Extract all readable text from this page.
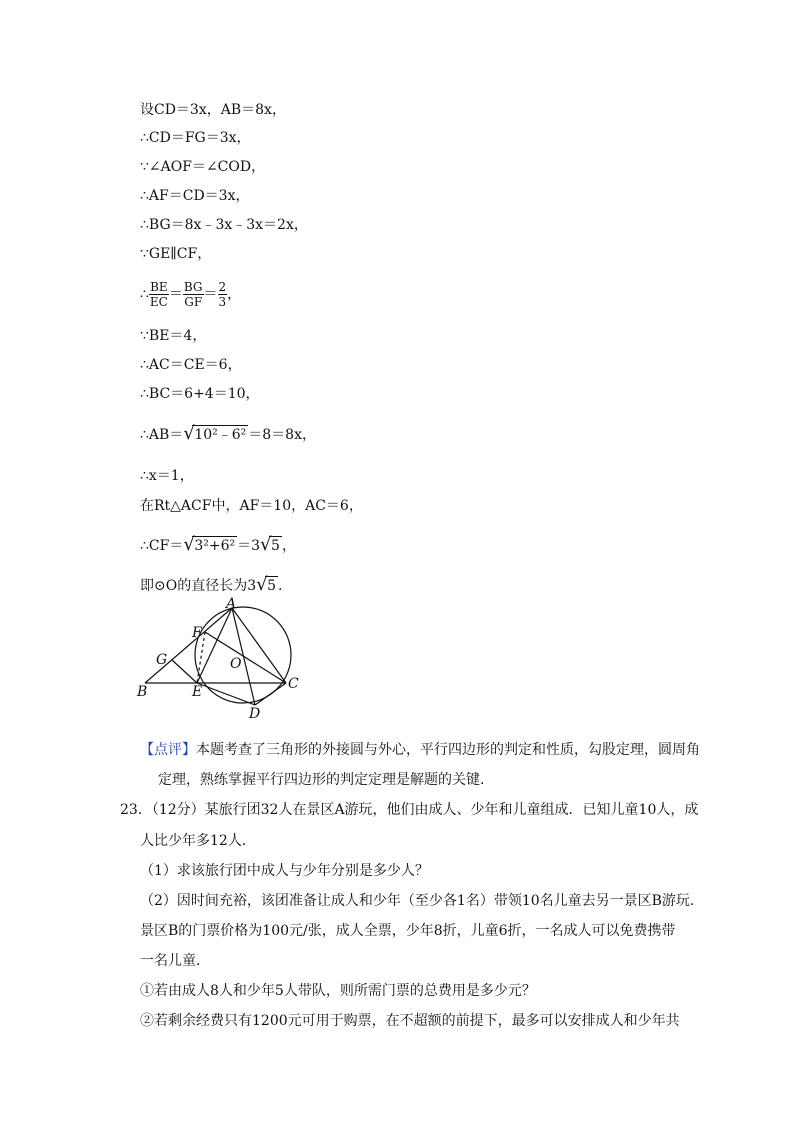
设CD＝3x，AB＝8x，
∴CD＝FG＝3x，
∵∠AOF＝∠COD，
∴AF＝CD＝3x，
∴BG＝8x﹣3x﹣3x＝2x，
∵GE∥CF，
∴ $\frac{BE}{EC} = \frac{BG}{GF} = \frac{2}{3}$ ，
∵BE＝4，
∴AC＝CE＝6，
∴BC＝6+4＝10，
∴AB＝ √ 10²﹣6² ＝8＝8x，
∴x＝1，
在Rt△ACF中，AF＝10，AC＝6，
∴CF＝ √ 3²+6² ＝3 √ 5 ，
即⊙O的直径长为3 √ 5 .
A
F
G	O
B	E	C
D
【点评】本题考查了三角形的外接圆与外心，平行四边形的判定和性质，勾股定理，圆周角
定理，熟练掌握平行四边形的判定定理是解题的关键.
23．（12分）某旅行团32人在景区A游玩，他们由成人、少年和儿童组成．已知儿童10人，成
人比少年多12人．
（1）求该旅行团中成人与少年分别是多少人？
（2）因时间充裕，该团准备让成人和少年（至少各1名）带领10名儿童去另一景区B游玩．
景区B的门票价格为100元/张，成人全票，少年8折，儿童6折，一名成人可以免费携带
一名儿童．
①若由成人8人和少年5人带队，则所需门票的总费用是多少元？
②若剩余经费只有1200元可用于购票，在不超额的前提下，最多可以安排成人和少年共
